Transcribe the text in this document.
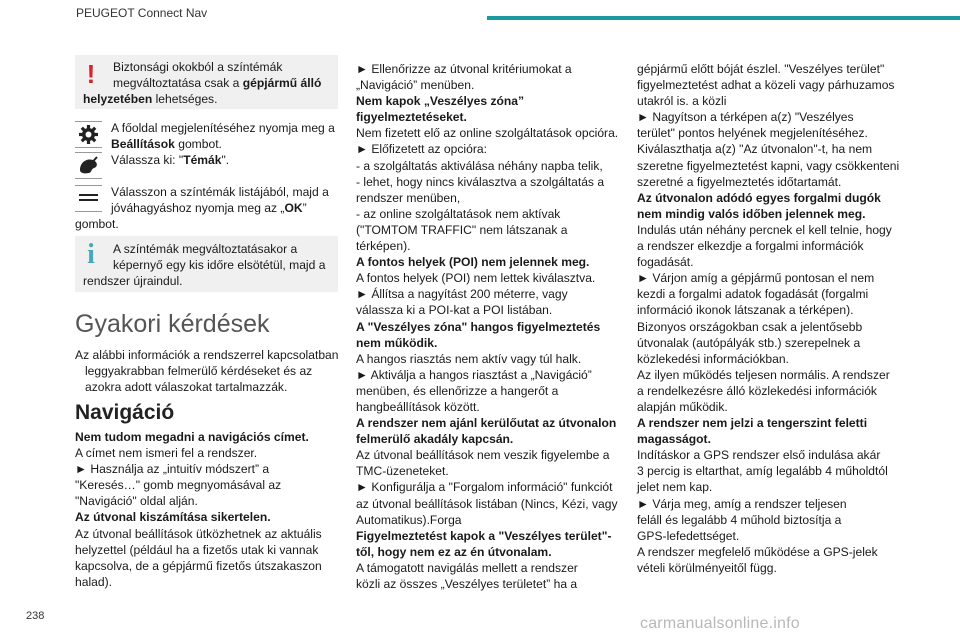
PEUGEOT Connect Nav
! Biztonsági okokból a színtémák
megváltoztatása csak a gépjármű álló
helyzetében lehetséges.
A főoldal megjelenítéséhez nyomja meg a
Beállítások gombot.
Válassza ki: "Témák".
Válasszon a színtémák listájából, majd a
jóváhagyáshoz nyomja meg az „OK”
gombot.
i A színtémák megváltoztatásakor a
képernyő egy kis időre elsötétül, majd a
rendszer újraindul.
Gyakori kérdések
Az alábbi információk a rendszerrel kapcsolatban
leggyakrabban felmerülő kérdéseket és az
azokra adott válaszokat tartalmazzák.
Navigáció

Nem tudom megadni a navigációs címet.

A címet nem ismeri fel a rendszer.

► Használja az „intuitív módszert” a

"Keresés…" gomb megnyomásával az

"Navigáció" oldal alján.

Az útvonal kiszámítása sikertelen.

Az útvonal beállítások ütközhetnek az aktuális

helyzettel (például ha a fizetős utak ki vannak

kapcsolva, de a gépjármű fizetős útszakaszon

halad).

► Ellenőrizze az útvonal kritériumokat a

„Navigáció” menüben.

Nem kapok „Veszélyes zóna”

figyelmeztetéseket.

Nem fizetett elő az online szolgáltatások opcióra.

► Előfizetett az opcióra:

- a szolgáltatás aktiválása néhány napba telik,

- lehet, hogy nincs kiválasztva a szolgáltatás a

rendszer menüben,

- az online szolgáltatások nem aktívak

("TOMTOM TRAFFIC" nem látszanak a

térképen).

A fontos helyek (POI) nem jelennek meg.

A fontos helyek (POI) nem lettek kiválasztva.

► Állítsa a nagyítást 200 méterre, vagy

válassza ki a POI-kat a POI listában.

A "Veszélyes zóna" hangos figyelmeztetés

nem működik.

A hangos riasztás nem aktív vagy túl halk.

► Aktiválja a hangos riasztást a „Navigáció”

menüben, és ellenőrizze a hangerőt a

hangbeállítások között.

A rendszer nem ajánl kerülőutat az útvonalon

felmerülő akadály kapcsán.

Az útvonal beállítások nem veszik figyelembe a

TMC-üzeneteket.

► Konfigurálja a "Forgalom információ" funkciót

az útvonal beállítások listában (Nincs, Kézi, vagy

Automatikus).Forga

Figyelmeztetést kapok a "Veszélyes terület"-

től, hogy nem ez az én útvonalam.

A támogatott navigálás mellett a rendszer

közli az összes „Veszélyes területet” ha a

gépjármű előtt bóját észlel. "Veszélyes terület"

figyelmeztetést adhat a közeli vagy párhuzamos

utakról is. a közli

► Nagyítson a térképen a(z) "Veszélyes

terület" pontos helyének megjelenítéséhez.

Kiválaszthatja a(z) "Az útvonalon"-t, ha nem

szeretne figyelmeztetést kapni, vagy csökkenteni

szeretné a figyelmeztetés időtartamát.

Az útvonalon adódó egyes forgalmi dugók

nem mindig valós időben jelennek meg.

Indulás után néhány percnek el kell telnie, hogy

a rendszer elkezdje a forgalmi információk

fogadását.

► Várjon amíg a gépjármű pontosan el nem

kezdi a forgalmi adatok fogadását (forgalmi

információ ikonok látszanak a térképen).

Bizonyos országokban csak a jelentősebb

útvonalak (autópályák stb.) szerepelnek a

közlekedési információkban.

Az ilyen működés teljesen normális. A rendszer

a rendelkezésre álló közlekedési információk

alapján működik.

A rendszer nem jelzi a tengerszint feletti

magasságot.

Indításkor a GPS rendszer első indulása akár

3 percig is eltarthat, amíg legalább 4 műholdtól

jelet nem kap.

► Várja meg, amíg a rendszer teljesen

feláll és legalább 4 műhold biztosítja a

GPS-lefedettséget.

A rendszer megfelelő működése a GPS-jelek

vételi körülményeitől függ.

238	carmanualsonline.info
